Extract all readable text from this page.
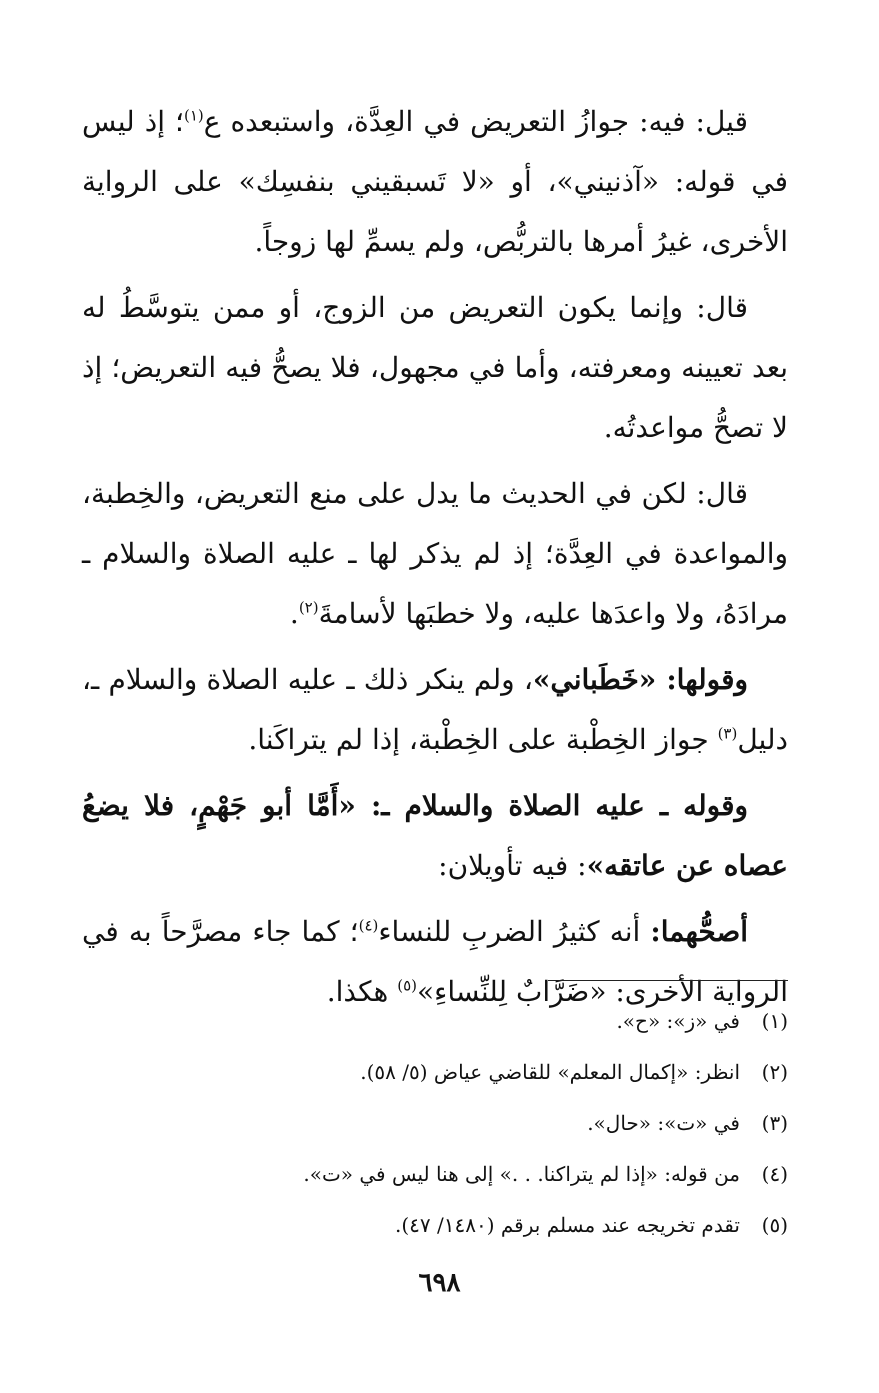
قيل: فيه: جوازُ التعريض في العِدَّة، واستبعده ع$^{(١)}$؛ إذ ليس في قوله: «آذنيني»، أو «لا تَسبقيني بنفسِك» على الرواية الأخرى، غيرُ أمرها بالتربُّص، ولم يسمِّ لها زوجاً.

قال: وإنما يكون التعريض من الزوج، أو ممن يتوسَّطُ له بعد تعيينه ومعرفته، وأما في مجهول، فلا يصحُّ فيه التعريض؛ إذ لا تصحُّ مواعدتُه.

قال: لكن في الحديث ما يدل على منع التعريض، والخِطبة، والمواعدة في العِدَّة؛ إذ لم يذكر لها ـ عليه الصلاة والسلام ـ مرادَهُ، ولا واعدَها عليه، ولا خطبَها لأسامةَ$^{(٢)}$.

وقولها: «خَطَباني»، ولم ينكر ذلك ـ عليه الصلاة والسلام ـ، دليل$^{(٣)}$ جواز الخِطْبة على الخِطْبة، إذا لم يتراكَنا.

وقوله ـ عليه الصلاة والسلام ـ: «أَمَّا أبو جَهْمٍ، فلا يضعُ عصاه عن عاتقه»: فيه تأويلان:

أصحُّهما: أنه كثيرُ الضربِ للنساء$^{(٤)}$؛ كما جاء مصرَّحاً به في الرواية الأخرى: «ضَرَّابٌ لِلنِّساءِ»$^{(٥)}$ هكذا.

(١)
في «ز»: «ح».
(٢)
انظر: «إكمال المعلم» للقاضي عياض (٥/ ٥٨).
(٣)
في «ت»: «حال».
(٤)
من قوله: «إذا لم يتراكنا. . .» إلى هنا ليس في «ت».
(٥)
تقدم تخريجه عند مسلم برقم (١٤٨٠/ ٤٧).
٦٩٨
